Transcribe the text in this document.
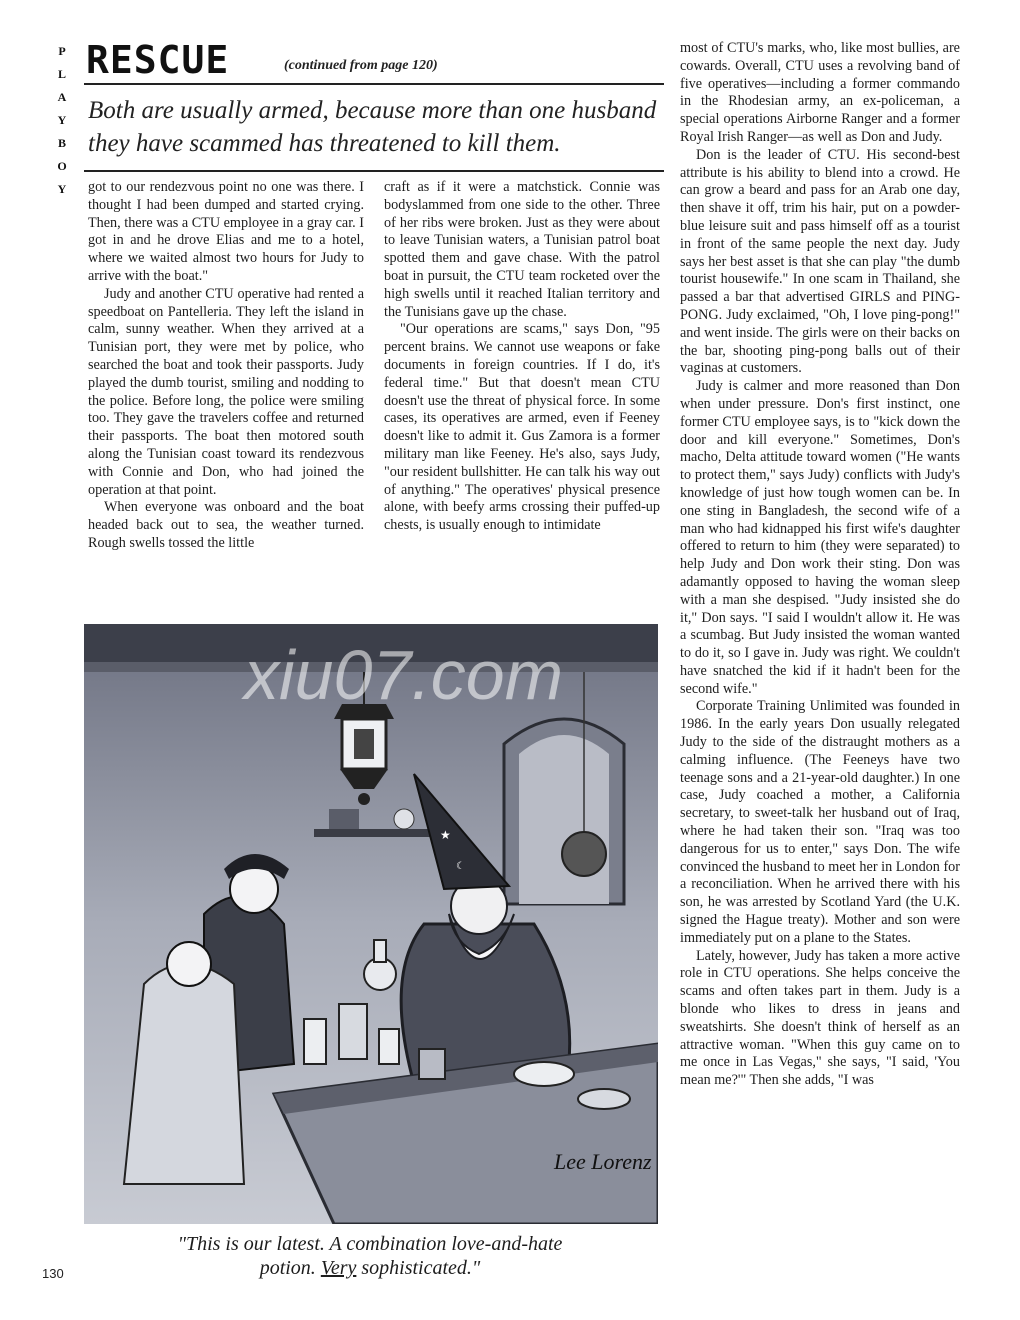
P
L
A
Y
B
O
Y
RESCUE	(continued from page 120)
Both are usually armed, because more than one husband they have scammed has threatened to kill them.

got to our rendezvous point no one was there. I thought I had been dumped and started crying. Then, there was a CTU employee in a gray car. I got in and he drove Elias and me to a hotel, where we waited almost two hours for Judy to arrive with the boat."

Judy and another CTU operative had rented a speedboat on Pantelleria. They left the island in calm, sunny weather. When they arrived at a Tunisian port, they were met by police, who searched the boat and took their passports. Judy played the dumb tourist, smiling and nodding to the police. Before long, the police were smiling too. They gave the travelers coffee and returned their passports. The boat then motored south along the Tunisian coast toward its rendezvous with Connie and Don, who had joined the operation at that point.

When everyone was onboard and the boat headed back out to sea, the weather turned. Rough swells tossed the little

craft as if it were a matchstick. Connie was bodyslammed from one side to the other. Three of her ribs were broken. Just as they were about to leave Tunisian waters, a Tunisian patrol boat spotted them and gave chase. With the patrol boat in pursuit, the CTU team rocketed over the high swells until it reached Italian territory and the Tunisians gave up the chase.

"Our operations are scams," says Don, "95 percent brains. We cannot use weapons or fake documents in foreign countries. If I do, it's federal time." But that doesn't mean CTU doesn't use the threat of physical force. In some cases, its operatives are armed, even if Feeney doesn't like to admit it. Gus Zamora is a former military man like Feeney. He's also, says Judy, "our resident bullshitter. He can talk his way out of anything." The operatives' physical presence alone, with beefy arms crossing their puffed-up chests, is usually enough to intimidate

most of CTU's marks, who, like most bullies, are cowards. Overall, CTU uses a revolving band of five operatives—including a former commando in the Rhodesian army, an ex-policeman, a special operations Airborne Ranger and a former Royal Irish Ranger—as well as Don and Judy.

Don is the leader of CTU. His second-best attribute is his ability to blend into a crowd. He can grow a beard and pass for an Arab one day, then shave it off, trim his hair, put on a powder-blue leisure suit and pass himself off as a tourist in front of the same people the next day. Judy says her best asset is that she can play "the dumb tourist housewife." In one scam in Thailand, she passed a bar that advertised GIRLS and PING-PONG. Judy exclaimed, "Oh, I love ping-pong!" and went inside. The girls were on their backs on the bar, shooting ping-pong balls out of their vaginas at customers.

Judy is calmer and more reasoned than Don when under pressure. Don's first instinct, one former CTU employee says, is to "kick down the door and kill everyone." Sometimes, Don's macho, Delta attitude toward women ("He wants to protect them," says Judy) conflicts with Judy's knowledge of just how tough women can be. In one sting in Bangladesh, the second wife of a man who had kidnapped his first wife's daughter offered to return to him (they were separated) to help Judy and Don work their sting. Don was adamantly opposed to having the woman sleep with a man she despised. "Judy insisted she do it," Don says. "I said I wouldn't allow it. He was a scumbag. But Judy insisted the woman wanted to do it, so I gave in. Judy was right. We couldn't have snatched the kid if it hadn't been for the second wife."

Corporate Training Unlimited was founded in 1986. In the early years Don usually relegated Judy to the side of the distraught mothers as a calming influence. (The Feeneys have two teenage sons and a 21-year-old daughter.) In one case, Judy coached a mother, a California secretary, to sweet-talk her husband out of Iraq, where he had taken their son. "Iraq was too dangerous for us to enter," says Don. The wife convinced the husband to meet her in London for a reconciliation. When he arrived there with his son, he was arrested by Scotland Yard (the U.K. signed the Hague treaty). Mother and son were immediately put on a plane to the States.

Lately, however, Judy has taken a more active role in CTU operations. She helps conceive the scams and often takes part in them. Judy is a blonde who likes to dress in jeans and sweatshirts. She doesn't think of herself as an attractive woman. "When this guy came on to me once in Las Vegas," she says, "I said, 'You mean me?'" Then she adds, "I was

★
☾
xiu07.com
Lee Lorenz
"This is our latest. A combination love-and-hate potion. Very sophisticated."
130
